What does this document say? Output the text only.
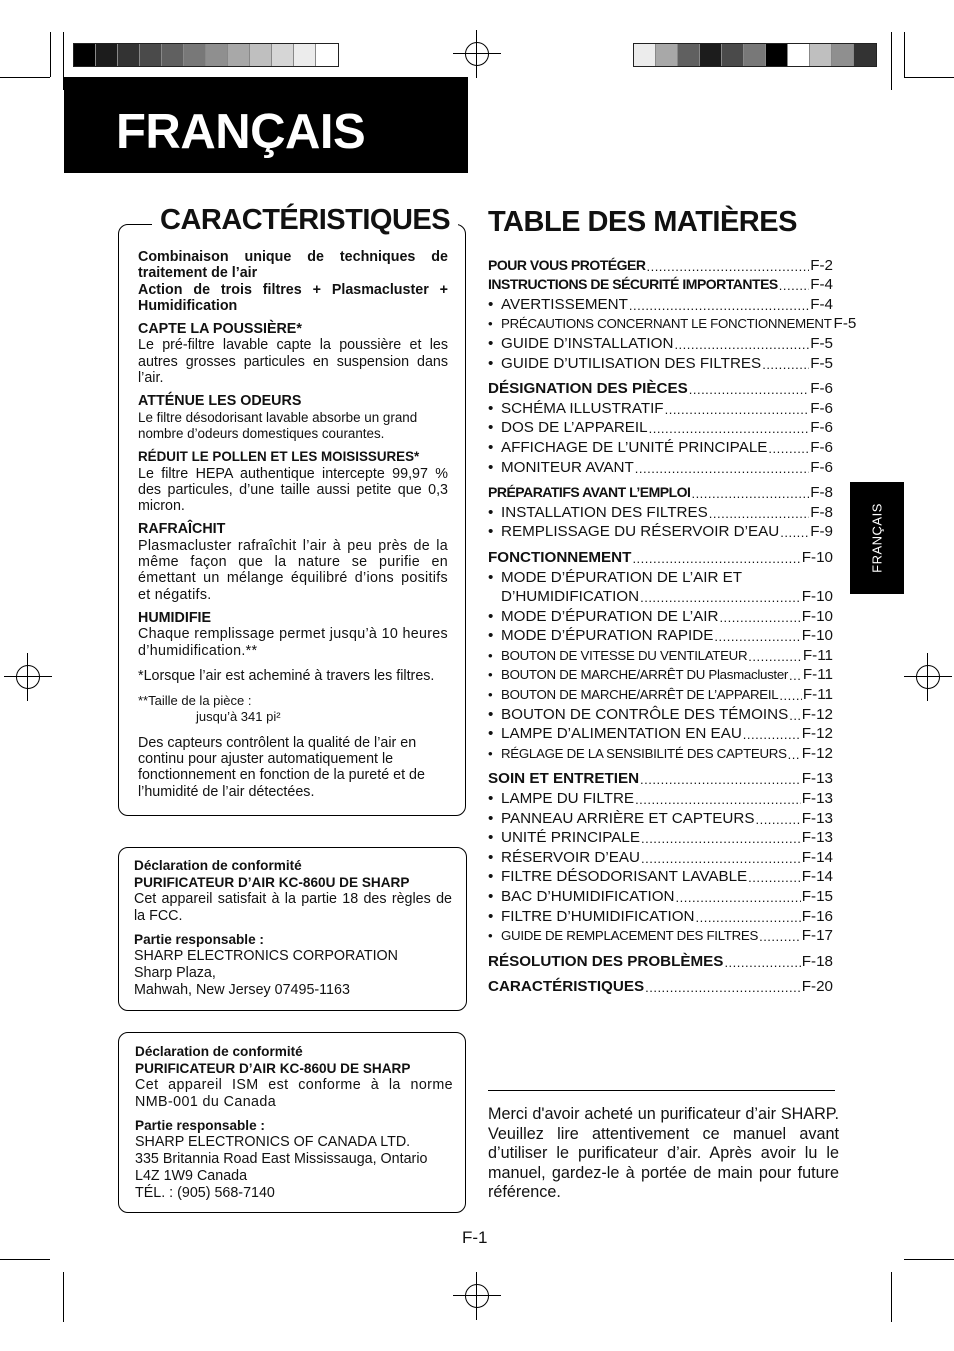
FRANÇAIS
FRANÇAIS
CARACTÉRISTIQUES

Combinaison unique de techniques de traitement de l’air

Action de trois filtres + Plasmacluster + Humidification

CAPTE LA POUSSIÈRE*

Le pré-filtre lavable capte la poussière et les autres grosses particules en suspension dans l’air.

ATTÉNUE LES ODEURS

Le filtre désodorisant lavable absorbe un grand nombre d’odeurs domestiques courantes.

RÉDUIT LE POLLEN ET LES MOISISSURES*

Le filtre HEPA authentique intercepte 99,97 % des particules, d’une taille aussi petite que 0,3 micron.

RAFRAÎCHIT

Plasmacluster rafraîchit l’air à peu près de la même façon que la nature se purifie en émettant un mélange équilibré d’ions positifs et négatifs.

HUMIDIFIE

Chaque remplissage permet jusqu’à 10 heures d’humidification.**

*Lorsque l’air est acheminé à travers les filtres.

**Taille de la pièce :

jusqu’à 341 pi²

Des capteurs contrôlent la qualité de l’air en continu pour ajuster automatiquement le fonctionnement en fonction de la pureté et de l’humidité de l’air détectées.

Déclaration de conformité

PURIFICATEUR D’AIR KC-860U DE SHARP

Cet appareil satisfait à la partie 18 des règles de la FCC.

Partie responsable :

SHARP ELECTRONICS CORPORATION

Sharp Plaza,

Mahwah, New Jersey 07495-1163

Déclaration de conformité

PURIFICATEUR D’AIR KC-860U DE SHARP

Cet appareil ISM est conforme à la norme NMB-001 du Canada

Partie responsable :

SHARP ELECTRONICS OF CANADA LTD.

335 Britannia Road East Mississauga, Ontario

L4Z 1W9 Canada

TÉL. : (905) 568-7140

TABLE DES MATIÈRES
POUR VOUS PROTÉGER .....	F-2
INSTRUCTIONS DE SÉCURITÉ IMPORTANTES ..... F-4
• AVERTISSEMENT .....	F-4
• PRÉCAUTIONS CONCERNANT LE FONCTIONNEMENT F-5
• GUIDE D’INSTALLATION .....	F-5
• GUIDE D’UTILISATION DES FILTRES .....	F-5
DÉSIGNATION DES PIÈCES .....	F-6
• SCHÉMA ILLUSTRATIF .....	F-6
• DOS DE L’APPAREIL .....	F-6
• AFFICHAGE DE L’UNITÉ PRINCIPALE .....	F-6
• MONITEUR AVANT .....	F-6
PRÉPARATIFS AVANT L’EMPLOI .....	F-8
• INSTALLATION DES FILTRES .....	F-8
• REMPLISSAGE DU RÉSERVOIR D’EAU ..... F-9
FONCTIONNEMENT .....	F-10
• MODE D’ÉPURATION DE L’AIR ET
D’HUMIDIFICATION .....	F-10
• MODE D’ÉPURATION DE L’AIR .....	F-10
• MODE D’ÉPURATION RAPIDE .....	F-10
• BOUTON DE VITESSE DU VENTILATEUR .....	F-11
• BOUTON DE MARCHE/ARRÊT DU Plasmacluster ..... F-11
• BOUTON DE MARCHE/ARRÊT DE L’APPAREIL ..... F-11
• BOUTON DE CONTRÔLE DES TÉMOINS ..... F-12
• LAMPE D’ALIMENTATION EN EAU .....	F-12
• RÉGLAGE DE LA SENSIBILITÉ DES CAPTEURS ..... F-12
SOIN ET ENTRETIEN .....	F-13
• LAMPE DU FILTRE .....	F-13
• PANNEAU ARRIÈRE ET CAPTEURS .....	F-13
• UNITÉ PRINCIPALE .....	F-13
• RÉSERVOIR D’EAU .....	F-14
• FILTRE DÉSODORISANT LAVABLE .....	F-14
• BAC D’HUMIDIFICATION .....	F-15
• FILTRE D’HUMIDIFICATION .....	F-16
• GUIDE DE REMPLACEMENT DES FILTRES .....	F-17
RÉSOLUTION DES PROBLÈMES .....	F-18
CARACTÉRISTIQUES .....	F-20
Merci d'avoir acheté un purificateur d’air SHARP. Veuillez lire attentivement ce manuel avant d’utiliser le purificateur d’air. Après avoir lu le manuel, gardez-le à portée de main pour future référence.
F-1
